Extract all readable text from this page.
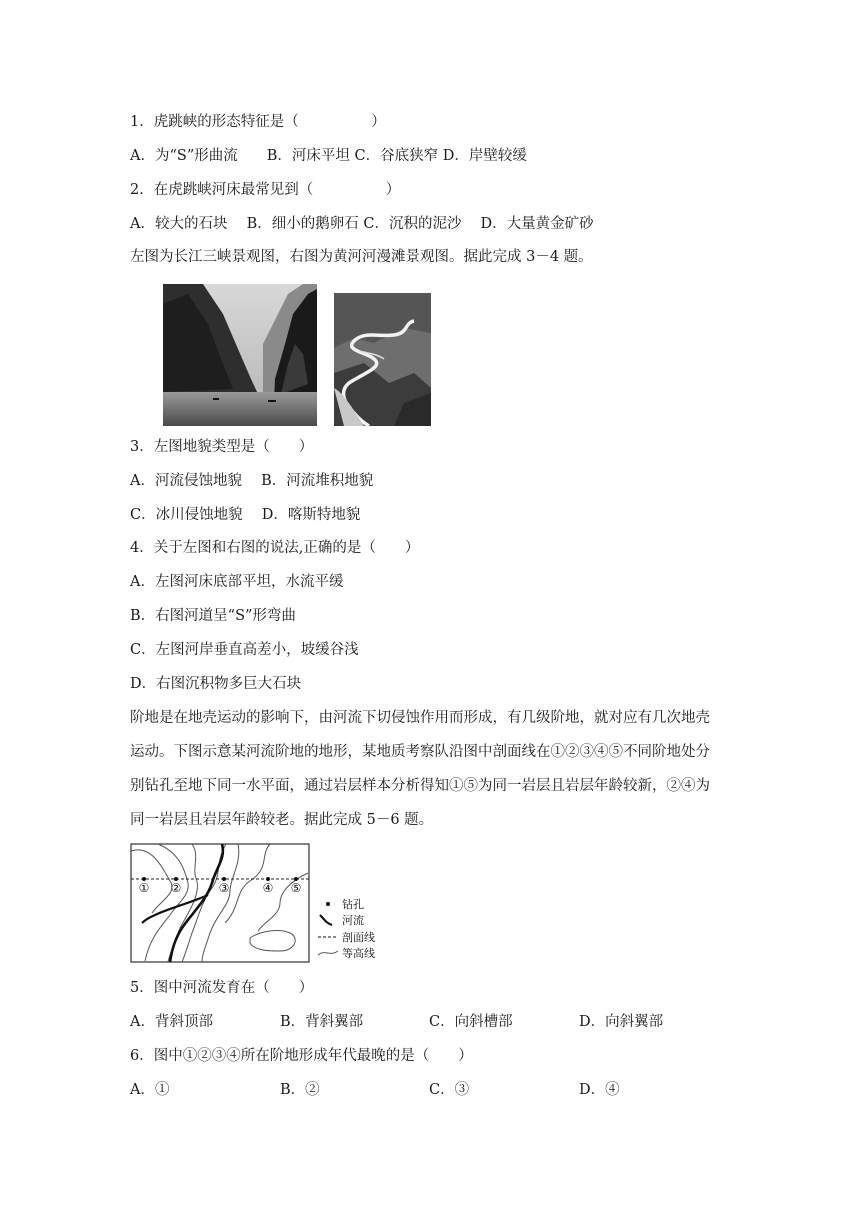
1．虎跳峡的形态特征是（　　　　　）
A．为“S”形曲流　　B．河床平坦 C．谷底狭窄 D．岸壁较缓
2．在虎跳峡河床最常见到（　　　　　）
A．较大的石块　 B．细小的鹅卵石 C．沉积的泥沙 　D．大量黄金矿砂
左图为长江三峡景观图，右图为黄河河漫滩景观图。据此完成 3－4 题。
3．左图地貌类型是（　　）
A．河流侵蚀地貌　 B．河流堆积地貌
C．冰川侵蚀地貌　 D．喀斯特地貌
4．关于左图和右图的说法,正确的是（　　）
A．左图河床底部平坦，水流平缓
B．右图河道呈“S”形弯曲
C．左图河岸垂直高差小，坡缓谷浅
D．右图沉积物多巨大石块
阶地是在地壳运动的影响下，由河流下切侵蚀作用而形成，有几级阶地，就对应有几次地壳
运动。下图示意某河流阶地的地形，某地质考察队沿图中剖面线在①②③④⑤不同阶地处分
别钻孔至地下同一水平面，通过岩层样本分析得知①⑤为同一岩层且岩层年龄较新，②④为
同一岩层且岩层年龄较老。据此完成 5－6 题。
① ②	③	④ ⑤
钻孔
河流
剖面线
等高线
5．图中河流发育在（　　）
A．背斜顶部	B．背斜翼部	C．向斜槽部	D．向斜翼部
6．图中①②③④所在阶地形成年代最晚的是（　　）
A．①	B．②	C．③	D．④
